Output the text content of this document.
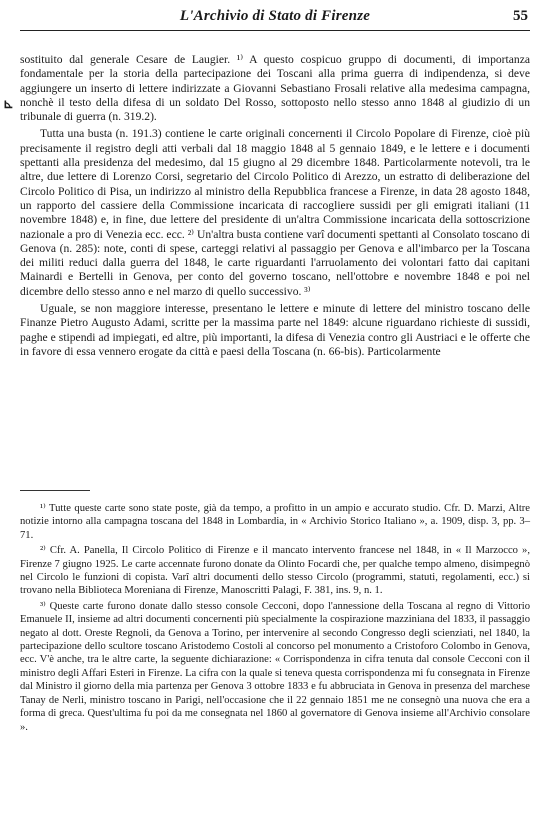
L'Archivio di Stato di Firenze	55
⊾

sostituito dal generale Cesare de Laugier. ¹⁾ A questo cospicuo gruppo di documenti, di importanza fondamentale per la storia della partecipazione dei Toscani alla prima guerra di indipendenza, si deve aggiungere un inserto di lettere indirizzate a Giovanni Sebastiano Frosali relative alla medesima campagna, nonchè il testo della difesa di un soldato Del Rosso, sottoposto nello stesso anno 1848 al giudizio di un tribunale di guerra (n. 319.2).

Tutta una busta (n. 191.3) contiene le carte originali concernenti il Circolo Popolare di Firenze, cioè più precisamente il registro degli atti verbali dal 18 maggio 1848 al 5 gennaio 1849, e le lettere e i documenti spettanti alla presidenza del medesimo, dal 15 giugno al 29 dicembre 1848. Particolarmente notevoli, tra le altre, due lettere di Lorenzo Corsi, segretario del Circolo Politico di Arezzo, un estratto di deliberazione del Circolo Politico di Pisa, un indirizzo al ministro della Repubblica francese a Firenze, in data 28 agosto 1848, un rapporto del cassiere della Commissione incaricata di raccogliere sussidi per gli emigrati italiani (11 novembre 1848) e, in fine, due lettere del presidente di un'altra Commissione incaricata della sottoscrizione nazionale a pro di Venezia ecc. ecc. ²⁾ Un'altra busta contiene varî documenti spettanti al Consolato toscano di Genova (n. 285): note, conti di spese, carteggi relativi al passaggio per Genova e all'imbarco per la Toscana dei militi reduci dalla guerra del 1848, le carte riguardanti l'arruolamento dei volontari fatto dai capitani Mainardi e Bertelli in Genova, per conto del governo toscano, nell'ottobre e novembre 1848 e poi nel dicembre dello stesso anno e nel marzo di quello successivo. ³⁾

Uguale, se non maggiore interesse, presentano le lettere e minute di lettere del ministro toscano delle Finanze Pietro Augusto Adami, scritte per la massima parte nel 1849: alcune riguardano richieste di sussidi, paghe e stipendi ad impiegati, ed altre, più importanti, la difesa di Venezia contro gli Austriaci e le offerte che in favore di essa vennero erogate da città e paesi della Toscana (n. 66-bis). Particolarmente

¹⁾ Tutte queste carte sono state poste, già da tempo, a profitto in un ampio e accurato studio. Cfr. D. Marzi, Altre notizie intorno alla campagna toscana del 1848 in Lombardia, in « Archivio Storico Italiano », a. 1909, disp. 3, pp. 3–71.

²⁾ Cfr. A. Panella, Il Circolo Politico di Firenze e il mancato intervento francese nel 1848, in « Il Marzocco », Firenze 7 giugno 1925. Le carte accennate furono donate da Olinto Focardi che, per qualche tempo almeno, disimpegnò nel Circolo le funzioni di copista. Varî altri documenti dello stesso Circolo (programmi, statuti, regolamenti, ecc.) si trovano nella Biblioteca Moreniana di Firenze, Manoscritti Palagi, F. 381, ins. 9, n. 1.

³⁾ Queste carte furono donate dallo stesso console Cecconi, dopo l'annessione della Toscana al regno di Vittorio Emanuele II, insieme ad altri documenti concernenti più specialmente la cospirazione mazziniana del 1833, il passaggio negato al dott. Oreste Regnoli, da Genova a Torino, per intervenire al secondo Congresso degli scienziati, nel 1840, la partecipazione dello scultore toscano Aristodemo Costoli al concorso pel monumento a Cristoforo Colombo in Genova, ecc. V'è anche, tra le altre carte, la seguente dichiarazione: « Corrispondenza in cifra tenuta dal console Cecconi con il ministro degli Affari Esteri in Firenze. La cifra con la quale si teneva questa corrispondenza mi fu consegnata in Firenze dal Ministro il giorno della mia partenza per Genova 3 ottobre 1833 e fu abbruciata in Genova in presenza del marchese Tanay de Nerli, ministro toscano in Parigi, nell'occasione che il 22 gennaio 1851 me ne consegnò una nuova che era a forma di greca. Quest'ultima fu poi da me consegnata nel 1860 al governatore di Genova insieme all'Archivio consolare ».
